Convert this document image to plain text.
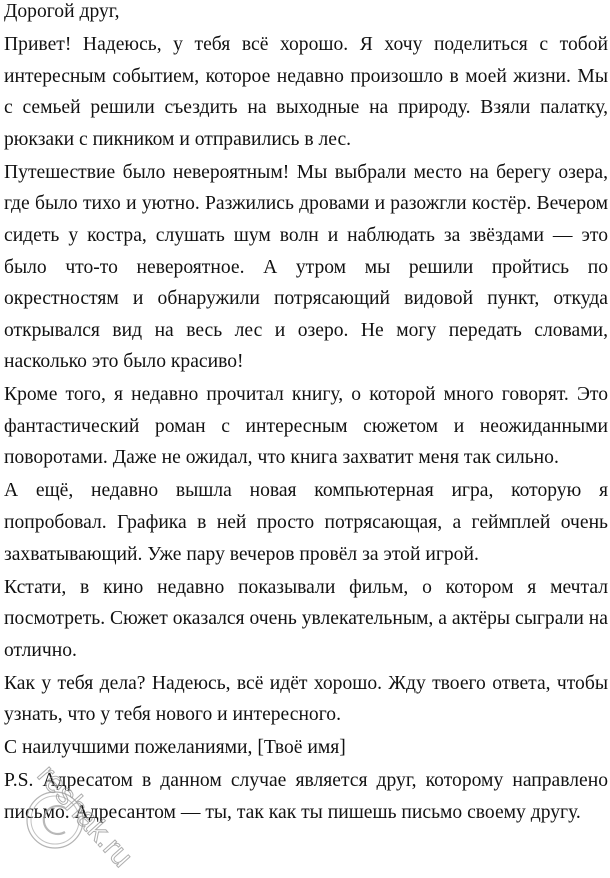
Дорогой друг,

Привет! Надеюсь, у тебя всё хорошо. Я хочу поделиться с тобой интересным событием, которое недавно произошло в моей жизни. Мы с семьей решили съездить на выходные на природу. Взяли палатку, рюкзаки с пикником и отправились в лес.

Путешествие было невероятным! Мы выбрали место на берегу озера, где было тихо и уютно. Разжились дровами и разожгли костёр. Вечером сидеть у костра, слушать шум волн и наблюдать за звёздами — это было что-то невероятное. А утром мы решили пройтись по окрестностям и обнаружили потрясающий видовой пункт, откуда открывался вид на весь лес и озеро. Не могу передать словами, насколько это было красиво!

Кроме того, я недавно прочитал книгу, о которой много говорят. Это фантастический роман с интересным сюжетом и неожиданными поворотами. Даже не ожидал, что книга захватит меня так сильно.

А ещё, недавно вышла новая компьютерная игра, которую я попробовал. Графика в ней просто потрясающая, а геймплей очень захватывающий. Уже пару вечеров провёл за этой игрой.

Кстати, в кино недавно показывали фильм, о котором я мечтал посмотреть. Сюжет оказался очень увлекательным, а актёры сыграли на отлично.

Как у тебя дела? Надеюсь, всё идёт хорошо. Жду твоего ответа, чтобы узнать, что у тебя нового и интересного.

С наилучшими пожеланиями, [Твоё имя]

P.S. Адресатом в данном случае является друг, которому направлено письмо. Адресантом — ты, так как ты пишешь письмо своему другу.

reshak.ru
